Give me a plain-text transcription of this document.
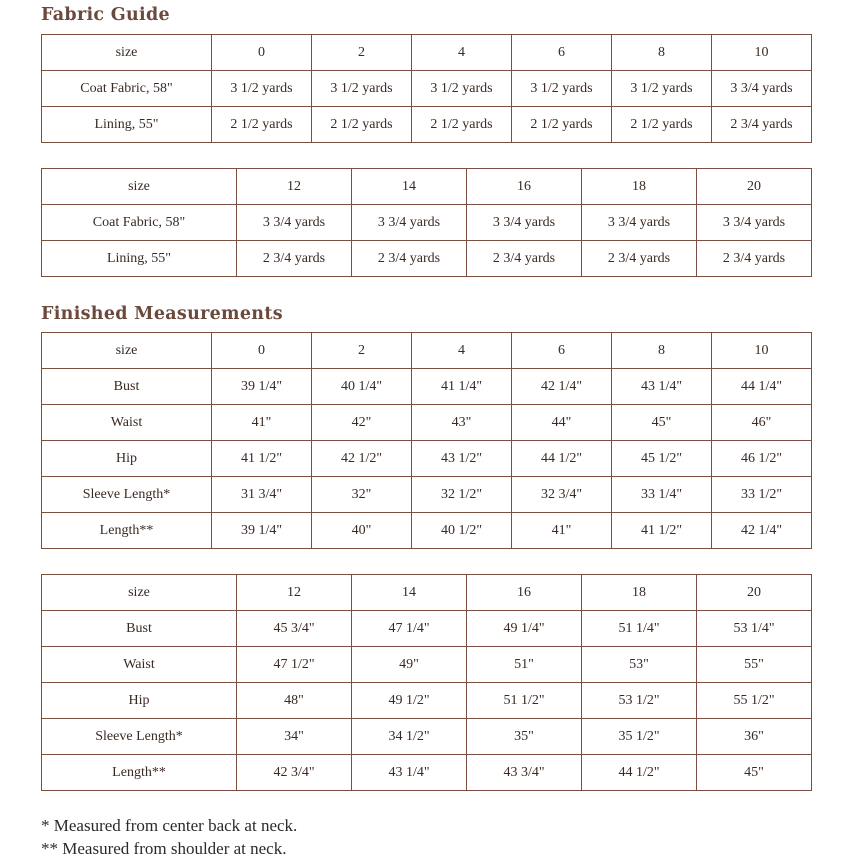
Fabric Guide
size	0	2	4	6	8	10
Coat Fabric, 58"	3 1/2 yards	3 1/2 yards	3 1/2 yards	3 1/2 yards	3 1/2 yards	3 3/4 yards
Lining, 55"	2 1/2 yards	2 1/2 yards	2 1/2 yards	2 1/2 yards	2 1/2 yards	2 3/4 yards
size	12	14	16	18	20
Coat Fabric, 58"	3 3/4 yards	3 3/4 yards	3 3/4 yards	3 3/4 yards	3 3/4 yards
Lining, 55"	2 3/4 yards	2 3/4 yards	2 3/4 yards	2 3/4 yards	2 3/4 yards
Finished Measurements
size	0	2	4	6	8	10
Bust	39 1/4"	40 1/4"	41 1/4"	42 1/4"	43 1/4"	44 1/4"
Waist	41"	42"	43"	44"	45"	46"
Hip	41 1/2"	42 1/2"	43 1/2"	44 1/2"	45 1/2"	46 1/2"
Sleeve Length*	31 3/4"	32"	32 1/2"	32 3/4"	33 1/4"	33 1/2"
Length**	39 1/4"	40"	40 1/2"	41"	41 1/2"	42 1/4"
size	12	14	16	18	20
Bust	45 3/4"	47 1/4"	49 1/4"	51 1/4"	53 1/4"
Waist	47 1/2"	49"	51"	53"	55"
Hip	48"	49 1/2"	51 1/2"	53 1/2"	55 1/2"
Sleeve Length*	34"	34 1/2"	35"	35 1/2"	36"
Length**	42 3/4"	43 1/4"	43 3/4"	44 1/2"	45"

* Measured from center back at neck.

** Measured from shoulder at neck.
